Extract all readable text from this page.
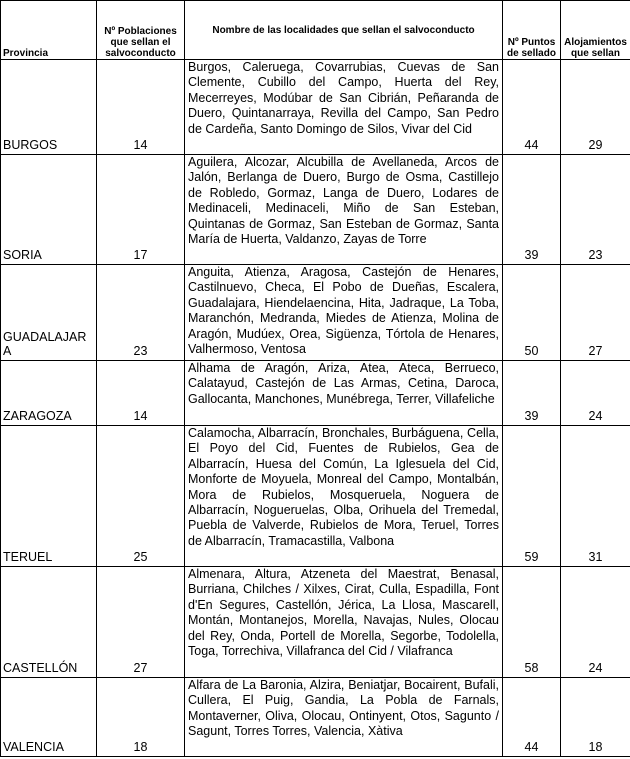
Provincia	Nº Poblaciones que sellan el salvoconducto	Nombre de las localidades que sellan el salvoconducto	Nº Puntos de sellado	Alojamientos que sellan
BURGOS	14	Burgos, Caleruega, Covarrubias, Cuevas de San Clemente, Cubillo del Campo, Huerta del Rey, Mecerreyes, Modúbar de San Cibrián, Peñaranda de Duero, Quintanarraya, Revilla del Campo, San Pedro de Cardeña, Santo Domingo de Silos, Vivar del Cid	44	29
SORIA	17	Aguilera, Alcozar, Alcubilla de Avellaneda, Arcos de Jalón, Berlanga de Duero, Burgo de Osma, Castillejo de Robledo, Gormaz, Langa de Duero, Lodares de Medinaceli, Medinaceli, Miño de San Esteban, Quintanas de Gormaz, San Esteban de Gormaz, Santa María de Huerta, Valdanzo, Zayas de Torre	39	23
GUADALAJARA	23	Anguita, Atienza, Aragosa, Castejón de Henares, Castilnuevo, Checa, El Pobo de Dueñas, Escalera, Guadalajara, Hiendelaencina, Hita, Jadraque, La Toba, Maranchón, Medranda, Miedes de Atienza, Molina de Aragón, Mudúex, Orea, Sigüenza, Tórtola de Henares, Valhermoso, Ventosa	50	27
ZARAGOZA	14	Alhama de Aragón, Ariza, Atea, Ateca, Berrueco, Calatayud, Castejón de Las Armas, Cetina, Daroca, Gallocanta, Manchones, Munébrega, Terrer, Villafeliche	39	24
TERUEL	25	Calamocha, Albarracín, Bronchales, Burbáguena, Cella, El Poyo del Cid, Fuentes de Rubielos, Gea de Albarracín, Huesa del Común, La Iglesuela del Cid, Monforte de Moyuela, Monreal del Campo, Montalbán, Mora de Rubielos, Mosqueruela, Noguera de Albarracín, Nogueruelas, Olba, Orihuela del Tremedal, Puebla de Valverde, Rubielos de Mora, Teruel, Torres de Albarracín, Tramacastilla, Valbona	59	31
CASTELLÓN	27	Almenara, Altura, Atzeneta del Maestrat, Benasal, Burriana, Chilches / Xilxes, Cirat, Culla, Espadilla, Font d'En Segures, Castellón, Jérica, La Llosa, Mascarell, Montán, Montanejos, Morella, Navajas, Nules, Olocau del Rey, Onda, Portell de Morella, Segorbe, Todolella, Toga, Torrechiva, Villafranca del Cid / Vilafranca	58	24
VALENCIA	18	Alfara de La Baronia, Alzira, Beniatjar, Bocairent, Bufali, Cullera, El Puig, Gandia, La Pobla de Farnals, Montaverner, Oliva, Olocau, Ontinyent, Otos, Sagunto / Sagunt, Torres Torres, Valencia, Xàtiva	44	18
